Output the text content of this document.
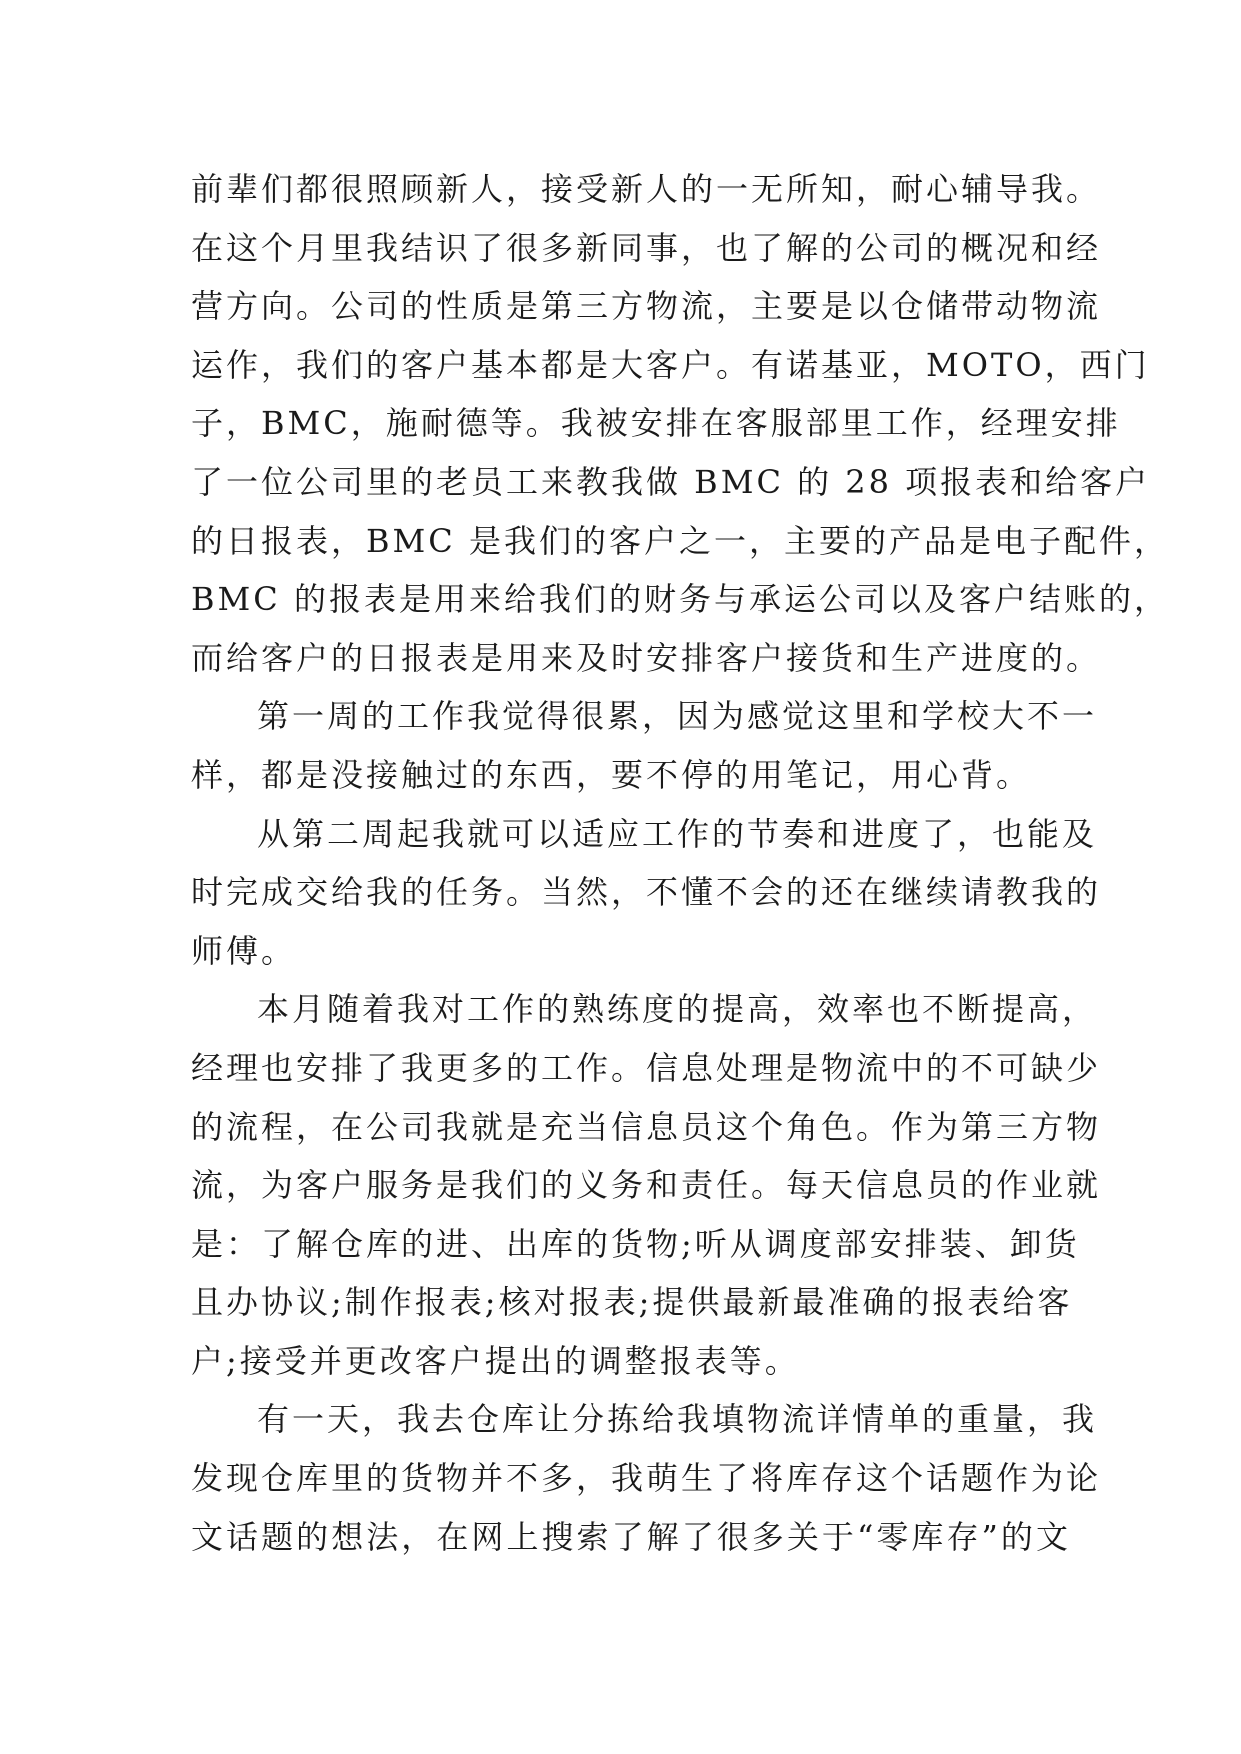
前辈们都很照顾新人，接受新人的一无所知，耐心辅导我。
在这个月里我结识了很多新同事，也了解的公司的概况和经
营方向。公司的性质是第三方物流，主要是以仓储带动物流
运作，我们的客户基本都是大客户。有诺基亚，MOTO，西门
子，BMC，施耐德等。我被安排在客服部里工作，经理安排
了一位公司里的老员工来教我做 BMC 的 28 项报表和给客户
的日报表，BMC 是我们的客户之一，主要的产品是电子配件，
BMC 的报表是用来给我们的财务与承运公司以及客户结账的，
而给客户的日报表是用来及时安排客户接货和生产进度的。
第一周的工作我觉得很累，因为感觉这里和学校大不一
样，都是没接触过的东西，要不停的用笔记，用心背。
从第二周起我就可以适应工作的节奏和进度了，也能及
时完成交给我的任务。当然，不懂不会的还在继续请教我的
师傅。
本月随着我对工作的熟练度的提高，效率也不断提高，
经理也安排了我更多的工作。信息处理是物流中的不可缺少
的流程，在公司我就是充当信息员这个角色。作为第三方物
流，为客户服务是我们的义务和责任。每天信息员的作业就
是：了解仓库的进、出库的货物;听从调度部安排装、卸货
且办协议;制作报表;核对报表;提供最新最准确的报表给客
户;接受并更改客户提出的调整报表等。
有一天，我去仓库让分拣给我填物流详情单的重量，我
发现仓库里的货物并不多，我萌生了将库存这个话题作为论
文话题的想法，在网上搜索了解了很多关于“零库存”的文
